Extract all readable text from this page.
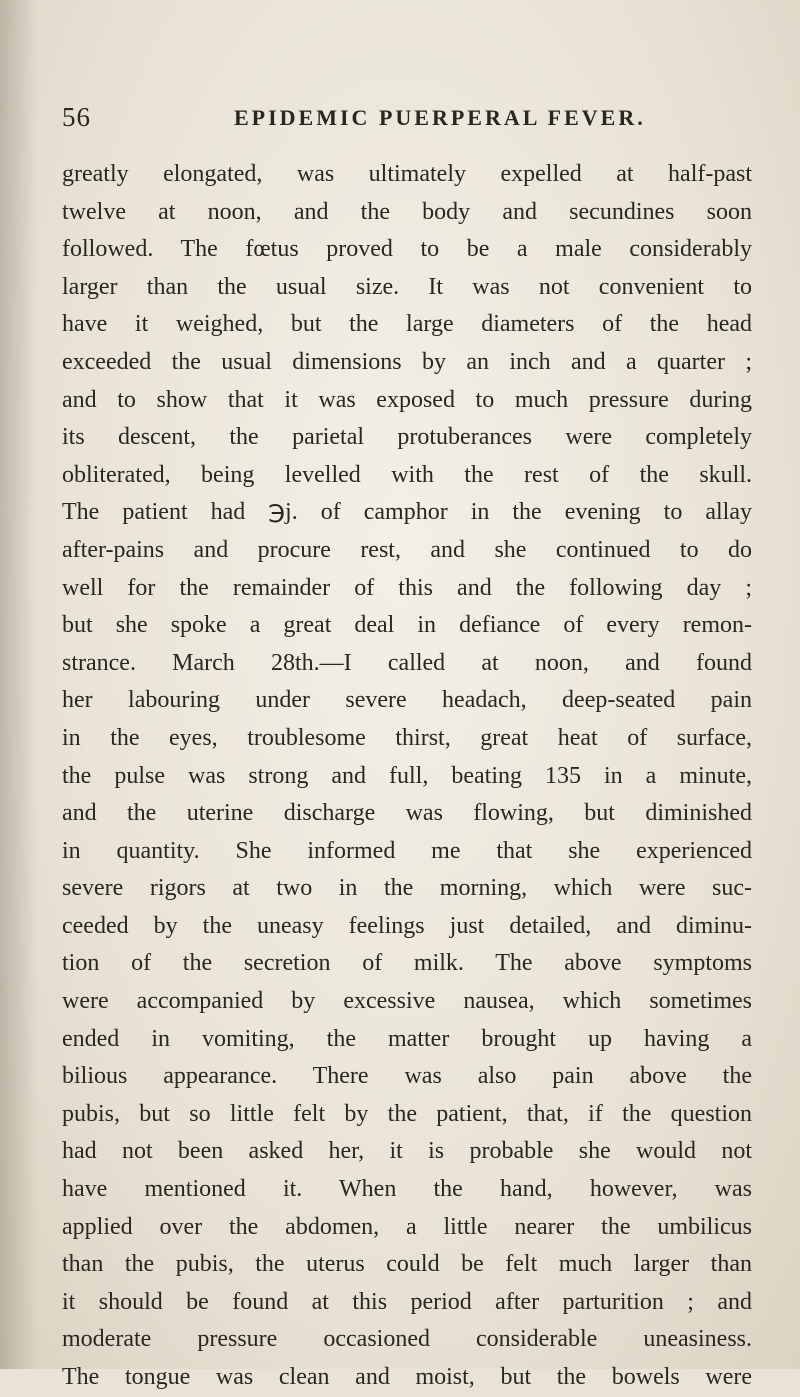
56	EPIDEMIC PUERPERAL FEVER.
greatly elongated, was ultimately expelled at half-past
twelve at noon, and the body and secundines soon
followed. The fœtus proved to be a male considerably
larger than the usual size. It was not convenient to
have it weighed, but the large diameters of the head
exceeded the usual dimensions by an inch and a quarter ;
and to show that it was exposed to much pressure during
its descent, the parietal protuberances were completely
obliterated, being levelled with the rest of the skull.
The patient had ℈j. of camphor in the evening to allay
after-pains and procure rest, and she continued to do
well for the remainder of this and the following day ;
but she spoke a great deal in defiance of every remon-
strance. March 28th.—I called at noon, and found
her labouring under severe headach, deep-seated pain
in the eyes, troublesome thirst, great heat of surface,
the pulse was strong and full, beating 135 in a minute,
and the uterine discharge was flowing, but diminished
in quantity. She informed me that she experienced
severe rigors at two in the morning, which were suc-
ceeded by the uneasy feelings just detailed, and diminu-
tion of the secretion of milk. The above symptoms
were accompanied by excessive nausea, which sometimes
ended in vomiting, the matter brought up having a
bilious appearance. There was also pain above the
pubis, but so little felt by the patient, that, if the question
had not been asked her, it is probable she would not
have mentioned it. When the hand, however, was
applied over the abdomen, a little nearer the umbilicus
than the pubis, the uterus could be felt much larger than
it should be found at this period after parturition ; and
moderate pressure occasioned considerable uneasiness.
The tongue was clean and moist, but the bowels were
